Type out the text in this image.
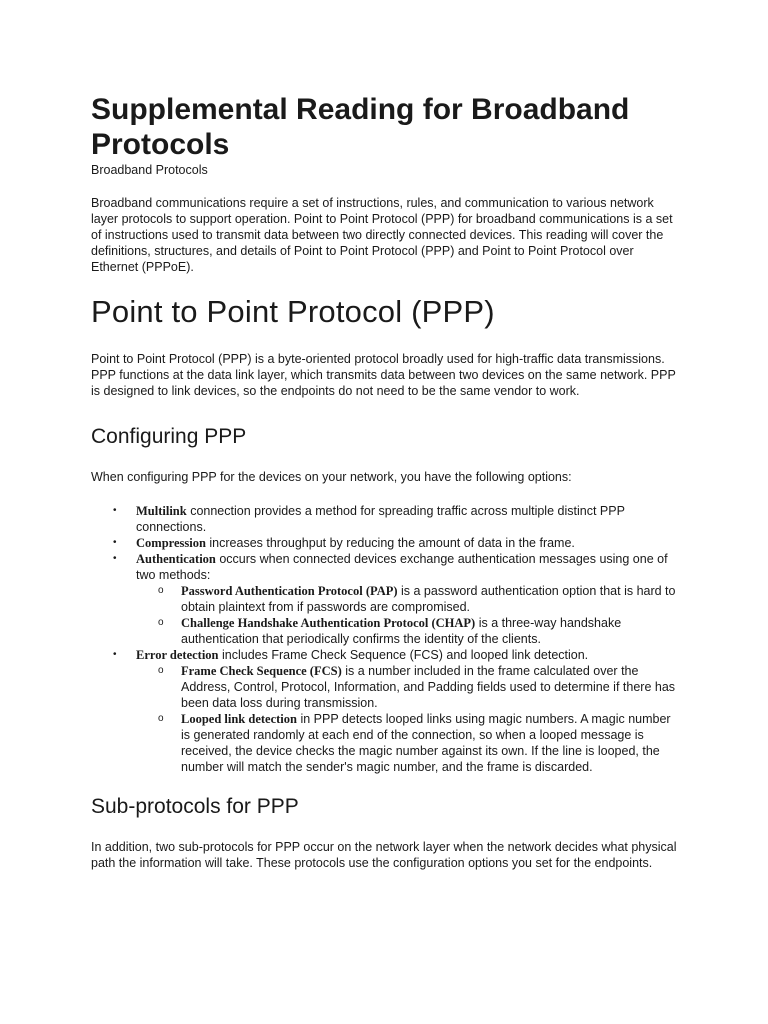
Supplemental Reading for Broadband Protocols
Broadband Protocols

Broadband communications require a set of instructions, rules, and communication to various network layer protocols to support operation. Point to Point Protocol (PPP) for broadband communications is a set of instructions used to transmit data between two directly connected devices. This reading will cover the definitions, structures, and details of Point to Point Protocol (PPP) and Point to Point Protocol over Ethernet (PPPoE).

Point to Point Protocol (PPP)

Point to Point Protocol (PPP) is a byte-oriented protocol broadly used for high-traffic data transmissions. PPP functions at the data link layer, which transmits data between two devices on the same network. PPP is designed to link devices, so the endpoints do not need to be the same vendor to work.

Configuring PPP

When configuring PPP for the devices on your network, you have the following options:

• Multilink connection provides a method for spreading traffic across multiple distinct PPP connections.
• Compression increases throughput by reducing the amount of data in the frame.
• Authentication occurs when connected devices exchange authentication messages using one of two methods:
o Password Authentication Protocol (PAP) is a password authentication option that is hard to obtain plaintext from if passwords are compromised.
o Challenge Handshake Authentication Protocol (CHAP) is a three-way handshake authentication that periodically confirms the identity of the clients.
• Error detection includes Frame Check Sequence (FCS) and looped link detection.
o Frame Check Sequence (FCS) is a number included in the frame calculated over the Address, Control, Protocol, Information, and Padding fields used to determine if there has been data loss during transmission.
o Looped link detection in PPP detects looped links using magic numbers. A magic number is generated randomly at each end of the connection, so when a looped message is received, the device checks the magic number against its own. If the line is looped, the number will match the sender's magic number, and the frame is discarded.
Sub-protocols for PPP

In addition, two sub-protocols for PPP occur on the network layer when the network decides what physical path the information will take. These protocols use the configuration options you set for the endpoints.
